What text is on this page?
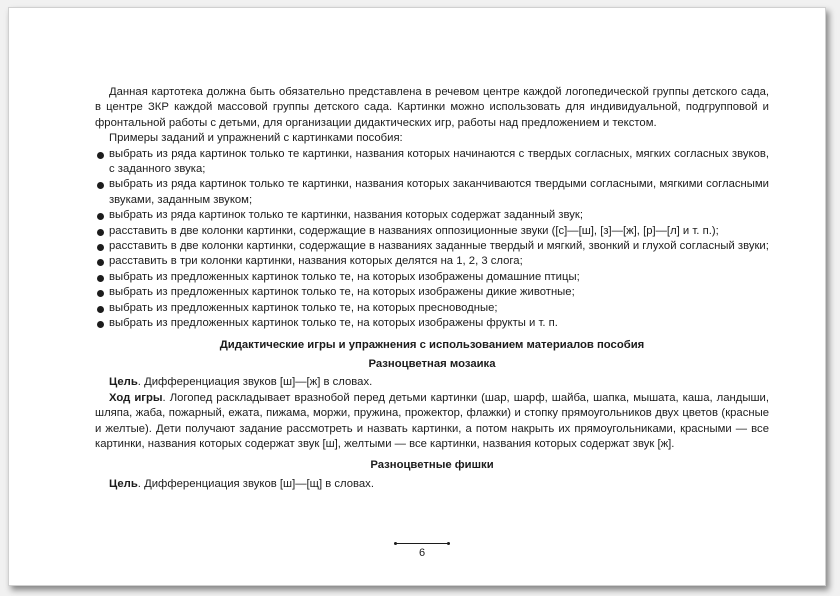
Данная картотека должна быть обязательно представлена в речевом центре каждой логопедической группы детского сада, в центре ЗКР каждой массовой группы детского сада. Картинки можно использовать для индивидуальной, подгрупповой и фронтальной работы с детьми, для организации дидактических игр, работы над предложением и текстом.

Примеры заданий и упражнений с картинками пособия:

выбрать из ряда картинок только те картинки, названия которых начинаются с твердых согласных, мягких согласных звуков, с заданного звука;
выбрать из ряда картинок только те картинки, названия которых заканчиваются твердыми согласными, мягкими согласными звуками, заданным звуком;
выбрать из ряда картинок только те картинки, названия которых содержат заданный звук;
расставить в две колонки картинки, содержащие в названиях оппозиционные звуки ([с]—[ш], [з]—[ж], [р]—[л] и т. п.);
расставить в две колонки картинки, содержащие в названиях заданные твердый и мягкий, звонкий и глухой согласный звуки;
расставить в три колонки картинки, названия которых делятся на 1, 2, 3 слога;
выбрать из предложенных картинок только те, на которых изображены домашние птицы;
выбрать из предложенных картинок только те, на которых изображены дикие животные;
выбрать из предложенных картинок только те, на которых пресноводные;
выбрать из предложенных картинок только те, на которых изображены фрукты и т. п.
Дидактические игры и упражнения с использованием материалов пособия
Разноцветная мозаика

Цель. Дифференциация звуков [ш]—[ж] в словах.

Ход игры. Логопед раскладывает вразнобой перед детьми картинки (шар, шарф, шайба, шапка, мышата, каша, ландыши, шляпа, жаба, пожарный, ежата, пижама, моржи, пружина, прожектор, флажки) и стопку прямоугольников двух цветов (красные и желтые). Дети получают задание рассмотреть и назвать картинки, а потом накрыть их прямоугольниками, красными — все картинки, названия которых содержат звук [ш], желтыми — все картинки, названия которых содержат звук [ж].

Разноцветные фишки

Цель. Дифференциация звуков [ш]—[щ] в словах.

6
